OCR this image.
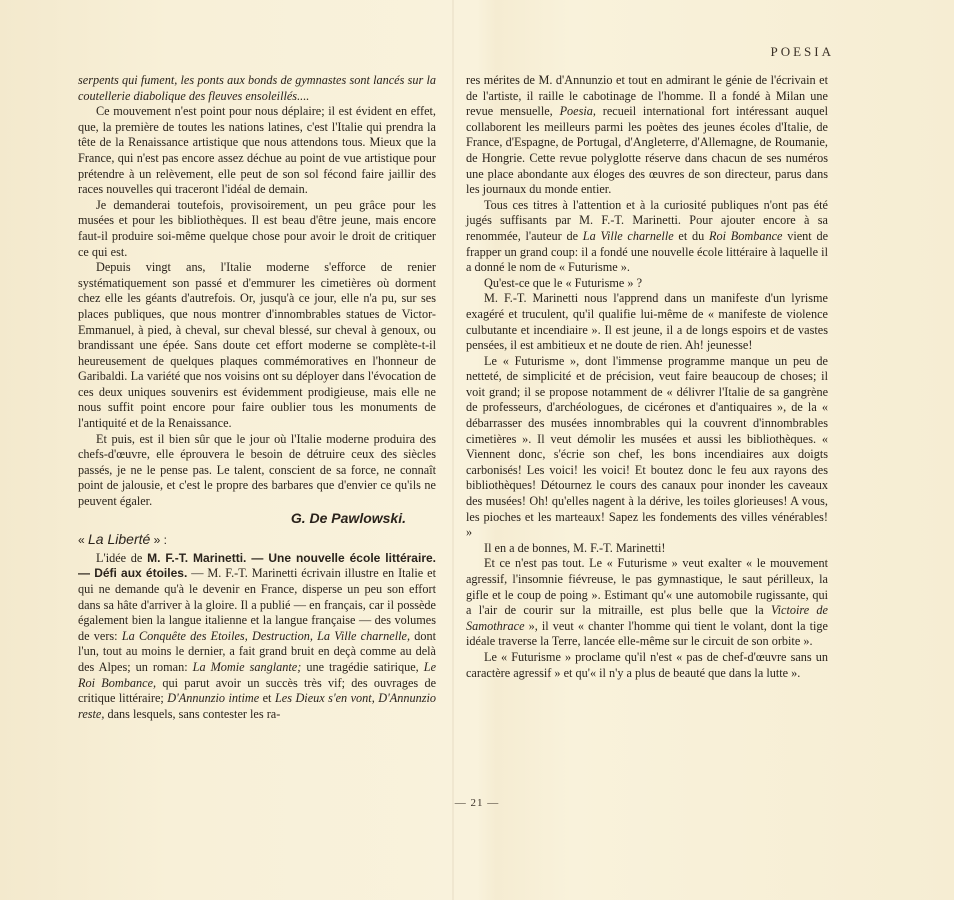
POESIA

serpents qui fument, les ponts aux bonds de gymnastes sont lancés sur la coutellerie diabolique des fleuves ensoleillés....

Ce mouvement n'est point pour nous déplaire; il est évident en effet, que, la première de toutes les nations latines, c'est l'Italie qui prendra la tête de la Renaissance artistique que nous attendons tous. Mieux que la France, qui n'est pas encore assez déchue au point de vue artistique pour prétendre à un relèvement, elle peut de son sol fécond faire jaillir des races nouvelles qui traceront l'idéal de demain.

Je demanderai toutefois, provisoirement, un peu grâce pour les musées et pour les bibliothèques. Il est beau d'être jeune, mais encore faut-il produire soi-même quelque chose pour avoir le droit de critiquer ce qui est.

Depuis vingt ans, l'Italie moderne s'efforce de renier systématiquement son passé et d'emmurer les cimetières où dorment chez elle les géants d'autrefois. Or, jusqu'à ce jour, elle n'a pu, sur ses places publiques, que nous montrer d'innombrables statues de Victor-Emmanuel, à pied, à cheval, sur cheval blessé, sur cheval à genoux, ou brandissant une épée. Sans doute cet effort moderne se complète-t-il heureusement de quelques plaques commémoratives en l'honneur de Garibaldi. La variété que nos voisins ont su déployer dans l'évocation de ces deux uniques souvenirs est évidemment prodigieuse, mais elle ne nous suffit point encore pour faire oublier tous les monuments de l'antiquité et de la Renaissance.

Et puis, est il bien sûr que le jour où l'Italie moderne produira des chefs-d'œuvre, elle éprouvera le besoin de détruire ceux des siècles passés, je ne le pense pas. Le talent, conscient de sa force, ne connaît point de jalousie, et c'est le propre des barbares que d'envier ce qu'ils ne peuvent égaler.

G. De Pawlowski.
« La Liberté » :

L'idée de M. F.-T. Marinetti. — Une nouvelle école littéraire. — Défi aux étoiles. — M. F.-T. Marinetti écrivain illustre en Italie et qui ne demande qu'à le devenir en France, disperse un peu son effort dans sa hâte d'arriver à la gloire. Il a publié — en français, car il possède également bien la langue italienne et la langue française — des volumes de vers: La Conquête des Etoiles, Destruction, La Ville charnelle, dont l'un, tout au moins le dernier, a fait grand bruit en deçà comme au delà des Alpes; un roman: La Momie sanglante; une tragédie satirique, Le Roi Bombance, qui parut avoir un succès très vif; des ouvrages de critique littéraire; D'Annunzio intime et Les Dieux s'en vont, D'Annunzio reste, dans lesquels, sans contester les ra-

res mérites de M. d'Annunzio et tout en admirant le génie de l'écrivain et de l'artiste, il raille le cabotinage de l'homme. Il a fondé à Milan une revue mensuelle, Poesia, recueil international fort intéressant auquel collaborent les meilleurs parmi les poètes des jeunes écoles d'Italie, de France, d'Espagne, de Portugal, d'Angleterre, d'Allemagne, de Roumanie, de Hongrie. Cette revue polyglotte réserve dans chacun de ses numéros une place abondante aux éloges des œuvres de son directeur, parus dans les journaux du monde entier.

Tous ces titres à l'attention et à la curiosité publiques n'ont pas été jugés suffisants par M. F.-T. Marinetti. Pour ajouter encore à sa renommée, l'auteur de La Ville charnelle et du Roi Bombance vient de frapper un grand coup: il a fondé une nouvelle école littéraire à laquelle il a donné le nom de « Futurisme ».

Qu'est-ce que le « Futurisme » ?

M. F.-T. Marinetti nous l'apprend dans un manifeste d'un lyrisme exagéré et truculent, qu'il qualifie lui-même de « manifeste de violence culbutante et incendiaire ». Il est jeune, il a de longs espoirs et de vastes pensées, il est ambitieux et ne doute de rien. Ah! jeunesse!

Le « Futurisme », dont l'immense programme manque un peu de netteté, de simplicité et de précision, veut faire beaucoup de choses; il voit grand; il se propose notamment de « délivrer l'Italie de sa gangrène de professeurs, d'archéologues, de cicérones et d'antiquaires », de la « débarrasser des musées innombrables qui la couvrent d'innombrables cimetières ». Il veut démolir les musées et aussi les bibliothèques. « Viennent donc, s'écrie son chef, les bons incendiaires aux doigts carbonisés! Les voici! les voici! Et boutez donc le feu aux rayons des bibliothèques! Détournez le cours des canaux pour inonder les caveaux des musées! Oh! qu'elles nagent à la dérive, les toiles glorieuses! A vous, les pioches et les marteaux! Sapez les fondements des villes vénérables! »

Il en a de bonnes, M. F.-T. Marinetti!

Et ce n'est pas tout. Le « Futurisme » veut exalter « le mouvement agressif, l'insomnie fiévreuse, le pas gymnastique, le saut périlleux, la gifle et le coup de poing ». Estimant qu'« une automobile rugissante, qui a l'air de courir sur la mitraille, est plus belle que la Victoire de Samothrace », il veut « chanter l'homme qui tient le volant, dont la tige idéale traverse la Terre, lancée elle-même sur le circuit de son orbite ».

Le « Futurisme » proclame qu'il n'est « pas de chef-d'œuvre sans un caractère agressif » et qu'« il n'y a plus de beauté que dans la lutte ».

— 21 —
